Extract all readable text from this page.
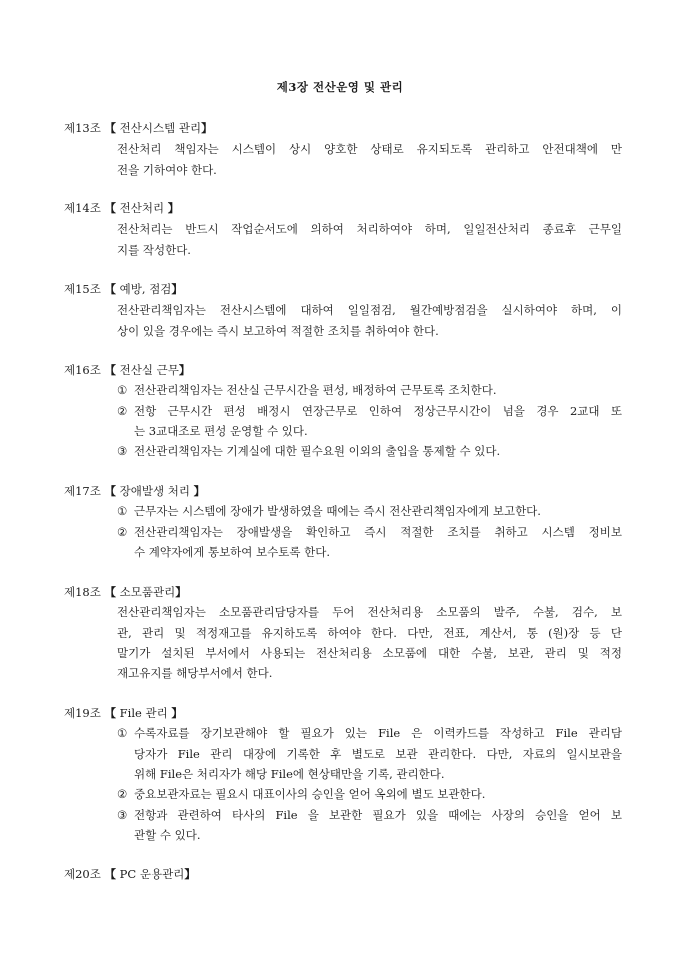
제3장 전산운영 및 관리
제13조 【 전산시스템 관리】
전산처리 책임자는 시스템이 상시 양호한 상태로 유지되도록 관리하고 안전대책에 만
전을 기하여야 한다.
제14조 【 전산처리 】
전산처리는 반드시 작업순서도에 의하여 처리하여야 하며, 일일전산처리 종료후 근무일
지를 작성한다.
제15조 【 예방, 점검】
전산관리책임자는 전산시스템에 대하여 일일점검, 월간예방점검을 실시하여야 하며, 이
상이 있을 경우에는 즉시 보고하여 적절한 조치를 취하여야 한다.
제16조 【 전산실 근무】
① 전산관리책임자는 전산실 근무시간을 편성, 배정하여 근무토록 조치한다.
② 전항 근무시간 편성 배정시 연장근무로 인하여 정상근무시간이 넘을 경우 2교대 또
는 3교대조로 편성 운영할 수 있다.
③ 전산관리책임자는 기계실에 대한 필수요원 이외의 출입을 통제할 수 있다.
제17조 【 장애발생 처리 】
① 근무자는 시스템에 장애가 발생하였을 때에는 즉시 전산관리책임자에게 보고한다.
② 전산관리책임자는 장애발생을 확인하고 즉시 적절한 조치를 취하고 시스템 정비보
수 계약자에게 통보하여 보수토록 한다.
제18조 【 소모품관리】
전산관리책임자는 소모품관리담당자를 두어 전산처리용 소모품의 발주, 수불, 검수, 보
관, 관리 및 적정재고를 유지하도록 하여야 한다. 다만, 전표, 계산서, 통 (원)장 등 단
말기가 설치된 부서에서 사용되는 전산처리용 소모품에 대한 수불, 보관, 관리 및 적정
재고유지를 해당부서에서 한다.
제19조 【 File 관리 】
① 수록자료를 장기보관해야 할 필요가 있는 File 은 이력카드를 작성하고 File 관리담
당자가 File 관리 대장에 기록한 후 별도로 보관 관리한다. 다만, 자료의 일시보관을
위해 File은 처리자가 해당 File에 현상태만을 기록, 관리한다.
② 중요보관자료는 필요시 대표이사의 승인을 얻어 옥외에 별도 보관한다.
③ 전항과 관련하여 타사의 File 을 보관한 필요가 있을 때에는 사장의 승인을 얻어 보
관할 수 있다.
제20조 【 PC 운용관리】
